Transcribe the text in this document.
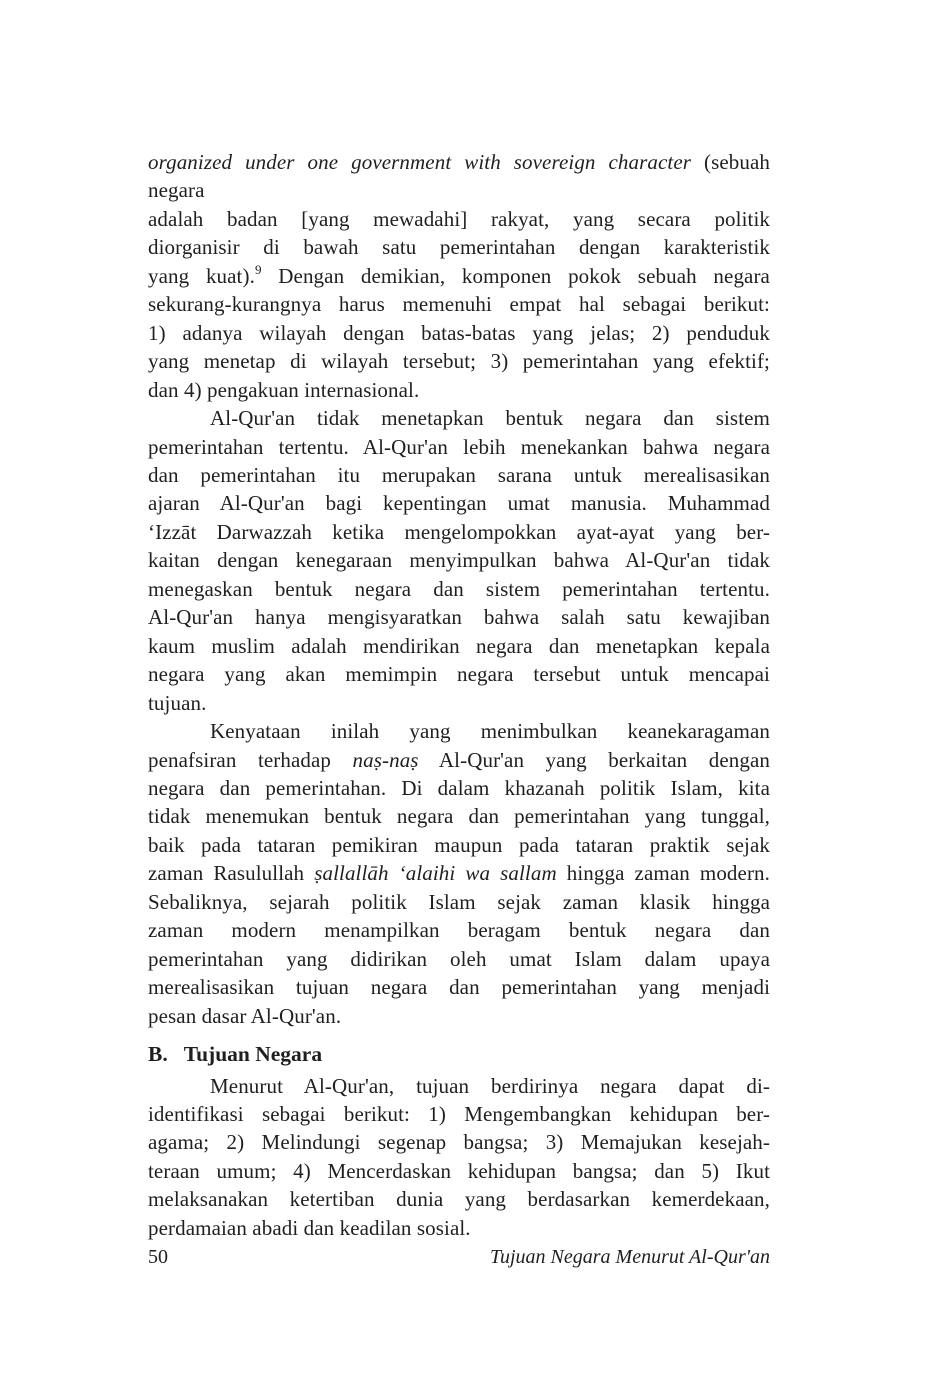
organized under one government with sovereign character (sebuah negara
adalah badan [yang mewadahi] rakyat, yang secara politik
diorganisir di bawah satu pemerintahan dengan karakteristik
yang kuat).$^9$ Dengan demikian, komponen pokok sebuah negara
sekurang-kurangnya harus memenuhi empat hal sebagai berikut:
1) adanya wilayah dengan batas-batas yang jelas; 2) penduduk
yang menetap di wilayah tersebut; 3) pemerintahan yang efektif;
dan 4) pengakuan internasional.
Al-Qur'an tidak menetapkan bentuk negara dan sistem
pemerintahan tertentu. Al-Qur'an lebih menekankan bahwa negara
dan pemerintahan itu merupakan sarana untuk merealisasikan
ajaran Al-Qur'an bagi kepentingan umat manusia. Muhammad
‘Izzāt Darwazzah ketika mengelompokkan ayat-ayat yang ber-
kaitan dengan kenegaraan menyimpulkan bahwa Al-Qur'an tidak
menegaskan bentuk negara dan sistem pemerintahan tertentu.
Al-Qur'an hanya mengisyaratkan bahwa salah satu kewajiban
kaum muslim adalah mendirikan negara dan menetapkan kepala
negara yang akan memimpin negara tersebut untuk mencapai
tujuan.
Kenyataan inilah yang menimbulkan keanekaragaman
penafsiran terhadap naṣ-naṣ Al-Qur'an yang berkaitan dengan
negara dan pemerintahan. Di dalam khazanah politik Islam, kita
tidak menemukan bentuk negara dan pemerintahan yang tunggal,
baik pada tataran pemikiran maupun pada tataran praktik sejak
zaman Rasulullah ṣallallāh ‘alaihi wa sallam hingga zaman modern.
Sebaliknya, sejarah politik Islam sejak zaman klasik hingga
zaman modern menampilkan beragam bentuk negara dan
pemerintahan yang didirikan oleh umat Islam dalam upaya
merealisasikan tujuan negara dan pemerintahan yang menjadi
pesan dasar Al-Qur'an.
B. Tujuan Negara
Menurut Al-Qur'an, tujuan berdirinya negara dapat di-
identifikasi sebagai berikut: 1) Mengembangkan kehidupan ber-
agama; 2) Melindungi segenap bangsa; 3) Memajukan kesejah-
teraan umum; 4) Mencerdaskan kehidupan bangsa; dan 5) Ikut
melaksanakan ketertiban dunia yang berdasarkan kemerdekaan,
perdamaian abadi dan keadilan sosial.
50	Tujuan Negara Menurut Al-Qur'an
